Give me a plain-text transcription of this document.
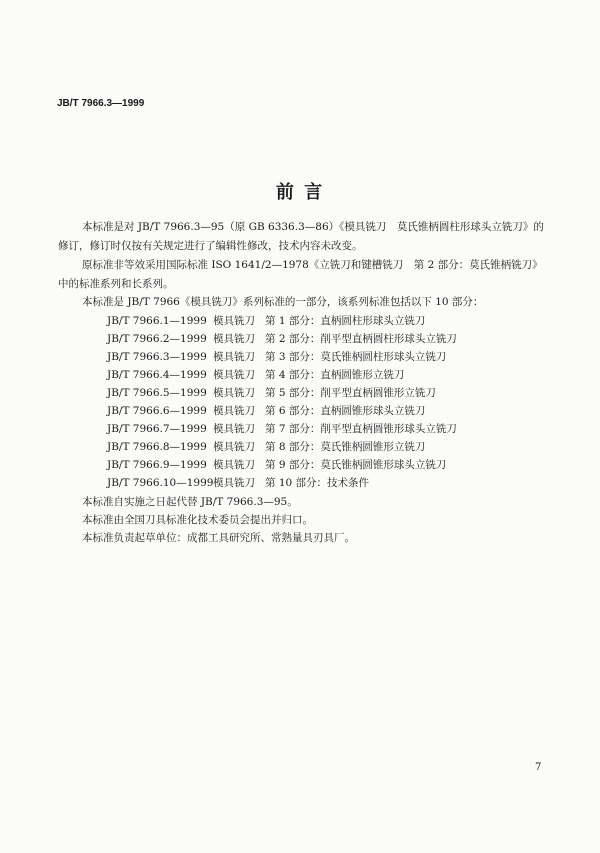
JB/T 7966.3—1999
前 言
本标准是对 JB/T 7966.3—95（原 GB 6336.3—86）《模具铣刀　莫氏锥柄圆柱形球头立铣刀》的
修订，修订时仅按有关规定进行了编辑性修改，技术内容未改变。
原标准非等效采用国际标准 ISO 1641/2—1978《立铣刀和键槽铣刀　第 2 部分：莫氏锥柄铣刀》
中的标准系列和长系列。
本标准是 JB/T 7966《模具铣刀》系列标准的一部分，该系列标准包括以下 10 部分：
JB/T 7966.1—1999 模具铣刀 第 1 部分：直柄圆柱形球头立铣刀
JB/T 7966.2—1999 模具铣刀 第 2 部分：削平型直柄圆柱形球头立铣刀
JB/T 7966.3—1999 模具铣刀 第 3 部分：莫氏锥柄圆柱形球头立铣刀
JB/T 7966.4—1999 模具铣刀 第 4 部分：直柄圆锥形立铣刀
JB/T 7966.5—1999 模具铣刀 第 5 部分：削平型直柄圆锥形立铣刀
JB/T 7966.6—1999 模具铣刀 第 6 部分：直柄圆锥形球头立铣刀
JB/T 7966.7—1999 模具铣刀 第 7 部分：削平型直柄圆锥形球头立铣刀
JB/T 7966.8—1999 模具铣刀 第 8 部分：莫氏锥柄圆锥形立铣刀
JB/T 7966.9—1999 模具铣刀 第 9 部分：莫氏锥柄圆锥形球头立铣刀
JB/T 7966.10—1999模具铣刀 第 10 部分：技术条件
本标准自实施之日起代替 JB/T 7966.3—95。
本标准由全国刀具标准化技术委员会提出并归口。
本标准负责起草单位：成都工具研究所、常熟量具刃具厂。
7
